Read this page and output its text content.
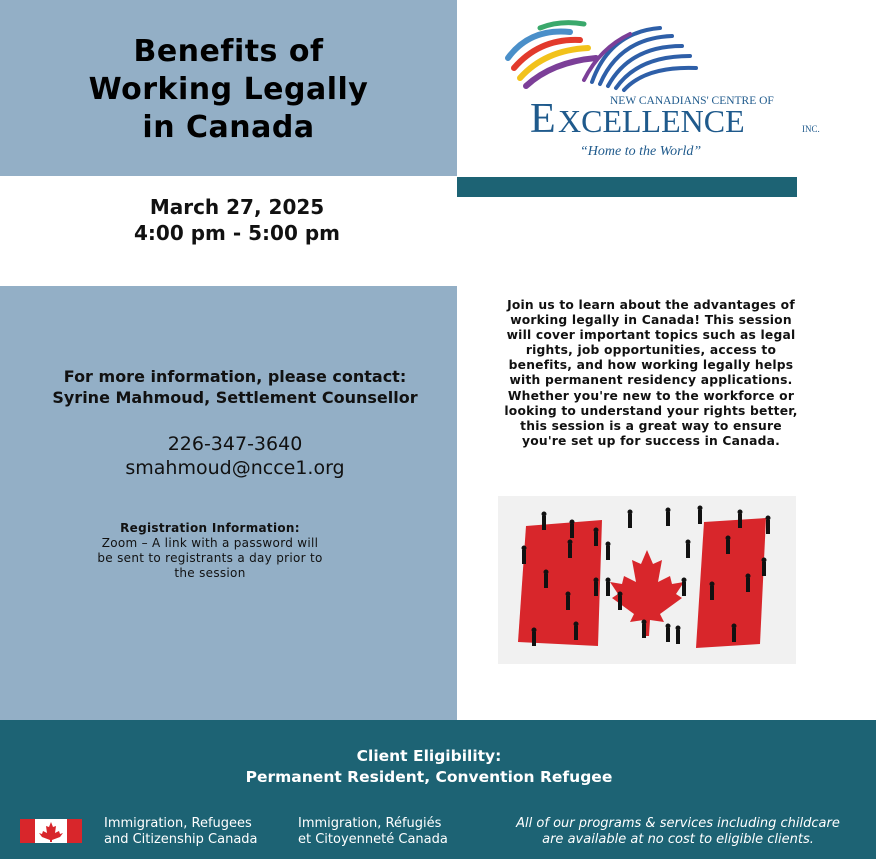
Benefits of
Working Legally
in Canada
March 27, 2025
4:00 pm - 5:00 pm
For more information, please contact:
Syrine Mahmoud, Settlement Counsellor
226-347-3640
smahmoud@ncce1.org
Registration Information:
Zoom – A link with a password will
be sent to registrants a day prior to
the session
NEW CANADIANS' CENTRE OF
E XCELLENCE	INC.
“Home to the World”
Join us to learn about the advantages of
working legally in Canada! This session
will cover important topics such as legal
rights, job opportunities, access to
benefits, and how working legally helps
with permanent residency applications.
Whether you're new to the workforce or
looking to understand your rights better,
this session is a great way to ensure
you're set up for success in Canada.
Client Eligibility:
Permanent Resident, Convention Refugee
Immigration, Refugees
and Citizenship Canada
Immigration, Réfugiés
et Citoyenneté Canada
All of our programs & services including childcare
are available at no cost to eligible clients.
